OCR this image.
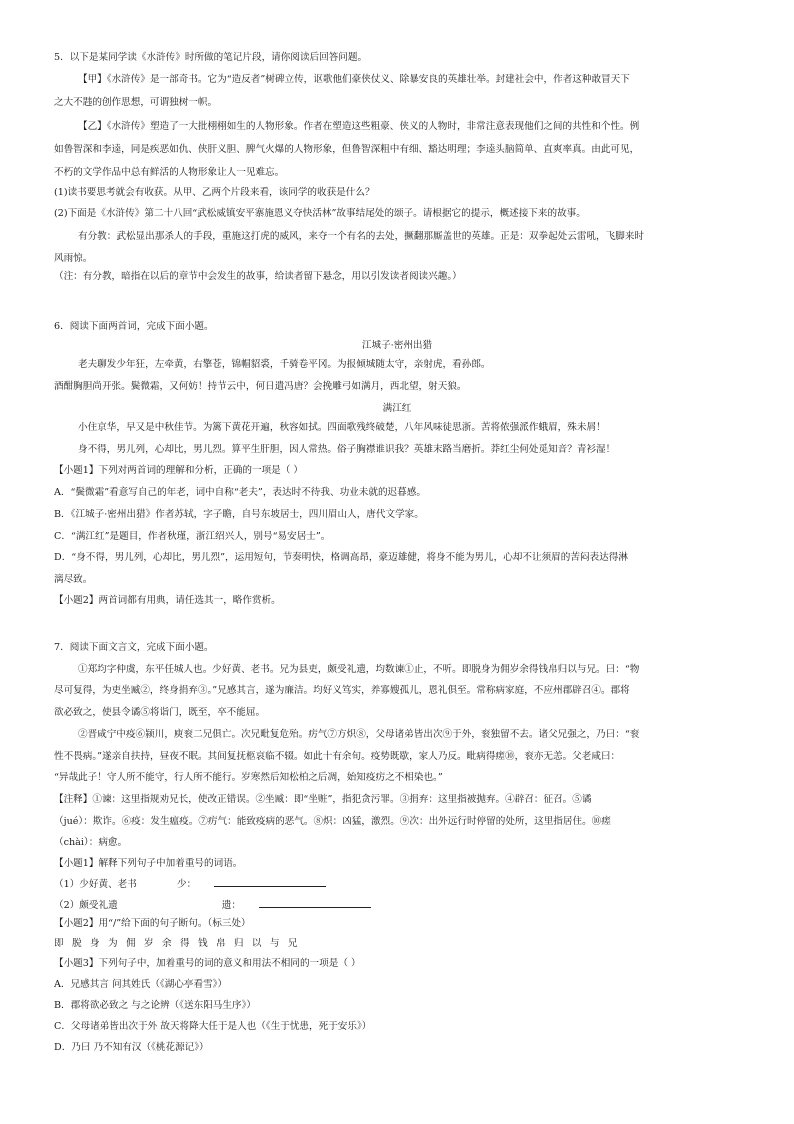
5．以下是某同学读《水浒传》时所做的笔记片段，请你阅读后回答问题。
【甲】《水浒传》是一部奇书。它为“造反者”树碑立传，讴歌他们豪侠仗义、除暴安良的英雄壮举。封建社会中，作者这种敢冒天下
之大不韪的创作思想，可谓独树一帜。
【乙】《水浒传》塑造了一大批栩栩如生的人物形象。作者在塑造这些粗豪、侠义的人物时，非常注意表现他们之间的共性和个性。例
如鲁智深和李逵，同是疾恶如仇、侠肝义胆、脾气火爆的人物形象，但鲁智深粗中有细、豁达明理；李逵头脑简单、直爽率真。由此可见，
不朽的文学作品中总有鲜活的人物形象让人一见难忘。
(1)读书要思考就会有收获。从甲、乙两个片段来看，该同学的收获是什么？
(2)下面是《水浒传》第二十八回“武松威镇安平寨施恩义夺快活林”故事结尾处的颂子。请根据它的提示，概述接下来的故事。
有分教：武松显出那杀人的手段，重施这打虎的威风，来夺一个有名的去处，撅翻那厮盖世的英雄。正是：双拳起处云雷吼，飞脚来时
风雨惊。
（注：有分教，暗指在以后的章节中会发生的故事，给读者留下悬念，用以引发读者阅读兴趣。）
6．阅读下面两首词，完成下面小题。
江城子·密州出猎
老夫聊发少年狂，左牵黄，右擎苍，锦帽貂裘，千骑卷平冈。为报倾城随太守，亲射虎，看孙郎。
酒酣胸胆尚开张。鬓微霜，又何妨！持节云中，何日遣冯唐？会挽雕弓如满月，西北望，射天狼。
满江红
小住京华，早又是中秋佳节。为篱下黄花开遍，秋容如拭。四面歌残终破楚，八年风味徒思浙。苦将侬强派作蛾眉，殊未屑！
身不得，男儿列，心却比，男儿烈。算平生肝胆，因人常热。俗子胸襟谁识我？英雄末路当磨折。莽红尘何处觅知音？青衫湿！
【小题1】下列对两首词的理解和分析，正确的一项是（ ）
A．“鬓微霜”看意写自己的年老，词中自称“老夫”，表达时不待我、功业未就的迟暮感。
B．《江城子·密州出猎》作者苏轼，字子瞻，自号东坡居士，四川眉山人，唐代文学家。
C．“满江红”是题目，作者秋瑾，浙江绍兴人，别号“易安居士”。
D．“身不得，男儿列，心却比，男儿烈”，运用短句，节奏明快，格调高昂，豪迈雄健，将身不能为男儿，心却不让须眉的苦闷表达得淋
漓尽致。
【小题2】两首词都有用典，请任选其一，略作赏析。
7．阅读下面文言文，完成下面小题。
①郑均字仲虞，东平任城人也。少好黄、老书。兄为县吏，颇受礼遗，均数谏①止，不听。即脱身为佣岁余得钱帛归以与兄。曰：“物
尽可复得，为吏坐臧②，终身捐弃③。”兄感其言，遂为廉洁。均好义笃实，养寡嫂孤儿，恩礼俱至。常称病家庭，不应州郡辟召④。郡将
欲必致之，使县令谲⑤将诣门，既至，卒不能屈。
②晋咸宁中疫⑥颍川，庾衮二兄俱亡。次兄毗复危殆。疠气⑦方炽⑧，父母诸弟皆出次⑨于外，衮独留不去。诸父兄强之，乃曰：“衮
性不畏病。”遂亲自扶持，昼夜不眠。其间复抚柩哀临不辍。如此十有余旬。疫势既歇，家人乃反。毗病得瘥⑩，衮亦无恙。父老咸曰：
“异哉此子！守人所不能守，行人所不能行。岁寒然后知松柏之后凋，始知疫疠之不相染也。”
【注释】①谏：这里指规劝兄长，使改正错误。②坐臧：即“坐赃”，指犯贪污罪。③捐弃：这里指被抛弃。④辟召：征召。⑤谲
（jué）：欺诈。⑥疫：发生瘟疫。⑦疠气：能致疫病的恶气。⑧炽：凶猛，激烈。⑨次：出外远行时停留的处所，这里指居住。⑩瘥
（chài）：病愈。
【小题1】解释下列句子中加着重号的词语。
（1）少好黄、老书	少：
（2）颇受礼遗	遗：
【小题2】用“/”给下面的句子断句。（标三处）
即脱身为佣岁余得钱帛归以与兄
【小题3】下列句子中，加着重号的词的意义和用法不相同的一项是（ ）
A．兄感其言 问其姓氏（《湖心亭看雪》）
B．郡将欲必致之 与之论辨（《送东阳马生序》）
C．父母诸弟皆出次于外 故天将降大任于是人也（《生于忧患，死于安乐》）
D．乃曰 乃不知有汉（《桃花源记》）
